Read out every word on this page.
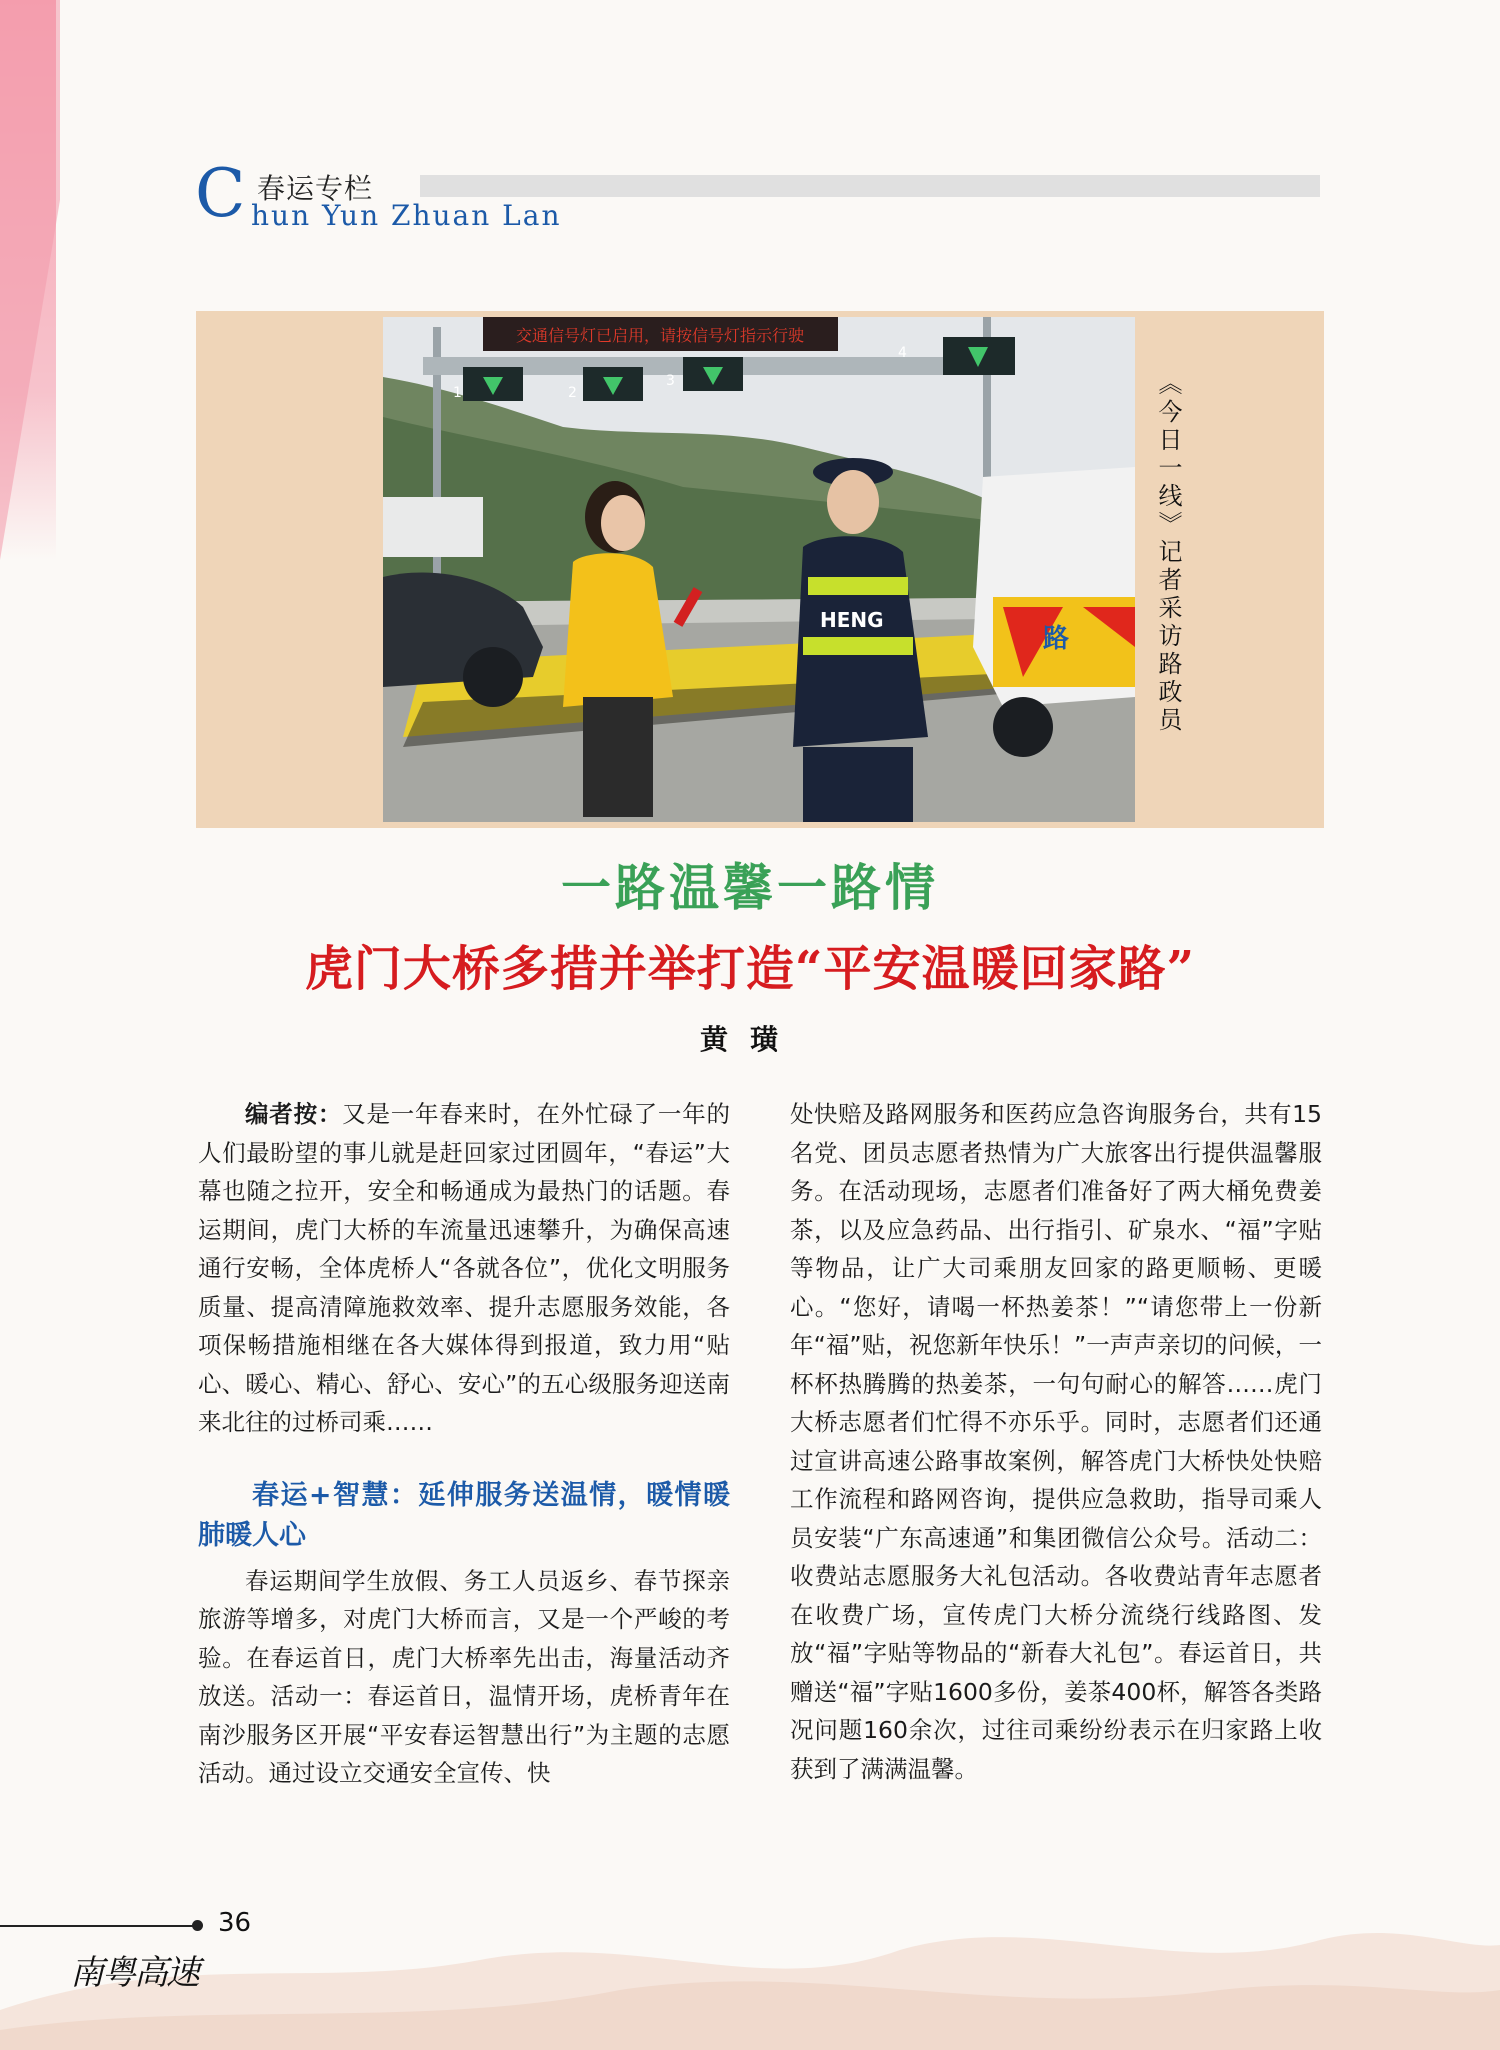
C 春运专栏
hun Yun Zhuan Lan
交通信号灯已启用，请按信号灯指示行驶
1	2
3
4
HENG
路	《今日一线》记者采访路政员
一路温馨一路情
虎门大桥多措并举打造“平安温暖回家路”
黄璜

编者按：又是一年春来时，在外忙碌了一年的人们最盼望的事儿就是赶回家过团圆年，“春运”大幕也随之拉开，安全和畅通成为最热门的话题。春运期间，虎门大桥的车流量迅速攀升，为确保高速通行安畅，全体虎桥人“各就各位”，优化文明服务质量、提高清障施救效率、提升志愿服务效能，各项保畅措施相继在各大媒体得到报道，致力用“贴心、暖心、精心、舒心、安心”的五心级服务迎送南来北往的过桥司乘……

春运+智慧：延伸服务送温情，暖情暖肺暖人心

春运期间学生放假、务工人员返乡、春节探亲旅游等增多，对虎门大桥而言，又是一个严峻的考验。在春运首日，虎门大桥率先出击，海量活动齐放送。活动一：春运首日，温情开场，虎桥青年在南沙服务区开展“平安春运智慧出行”为主题的志愿活动。通过设立交通安全宣传、快

处快赔及路网服务和医药应急咨询服务台，共有15名党、团员志愿者热情为广大旅客出行提供温馨服务。在活动现场，志愿者们准备好了两大桶免费姜茶，以及应急药品、出行指引、矿泉水、“福”字贴等物品，让广大司乘朋友回家的路更顺畅、更暖心。“您好，请喝一杯热姜茶！”“请您带上一份新年“福”贴，祝您新年快乐！”一声声亲切的问候，一杯杯热腾腾的热姜茶，一句句耐心的解答……虎门大桥志愿者们忙得不亦乐乎。同时，志愿者们还通过宣讲高速公路事故案例，解答虎门大桥快处快赔工作流程和路网咨询，提供应急救助，指导司乘人员安装“广东高速通”和集团微信公众号。活动二：收费站志愿服务大礼包活动。各收费站青年志愿者在收费广场，宣传虎门大桥分流绕行线路图、发放“福”字贴等物品的“新春大礼包”。春运首日，共赠送“福”字贴1600多份，姜茶400杯，解答各类路况问题160余次，过往司乘纷纷表示在归家路上收获到了满满温馨。

36
南粤高速
